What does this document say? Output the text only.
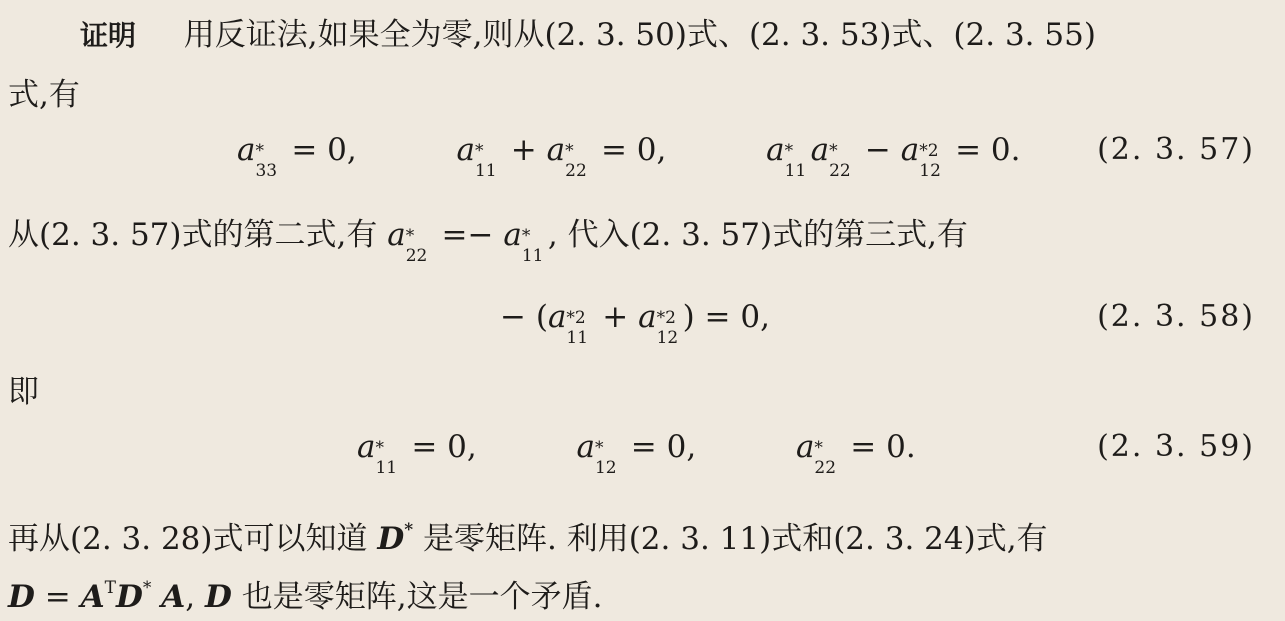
证明 用反证法,如果全为零,则从(2. 3. 50)式、(2. 3. 53)式、(2. 3. 55)
式,有
a *
33
= 0,	a *
11
+ a *
22
= 0,	a *
11
a *
22
− a *2
12
= 0.	(2. 3. 57)
从(2. 3. 57)式的第二式,有 a *
22
=− a *
11
, 代入(2. 3. 57)式的第三式,有
− (a *2
11
+ a *2
12
) = 0,	(2. 3. 58)
即
a *
11
= 0,	a *
12
= 0,	a *
22
= 0.	(2. 3. 59)
再从(2. 3. 28)式可以知道 D* 是零矩阵. 利用(2. 3. 11)式和(2. 3. 24)式,有
$D = A^TD^*$ A, D 也是零矩阵,这是一个矛盾.
